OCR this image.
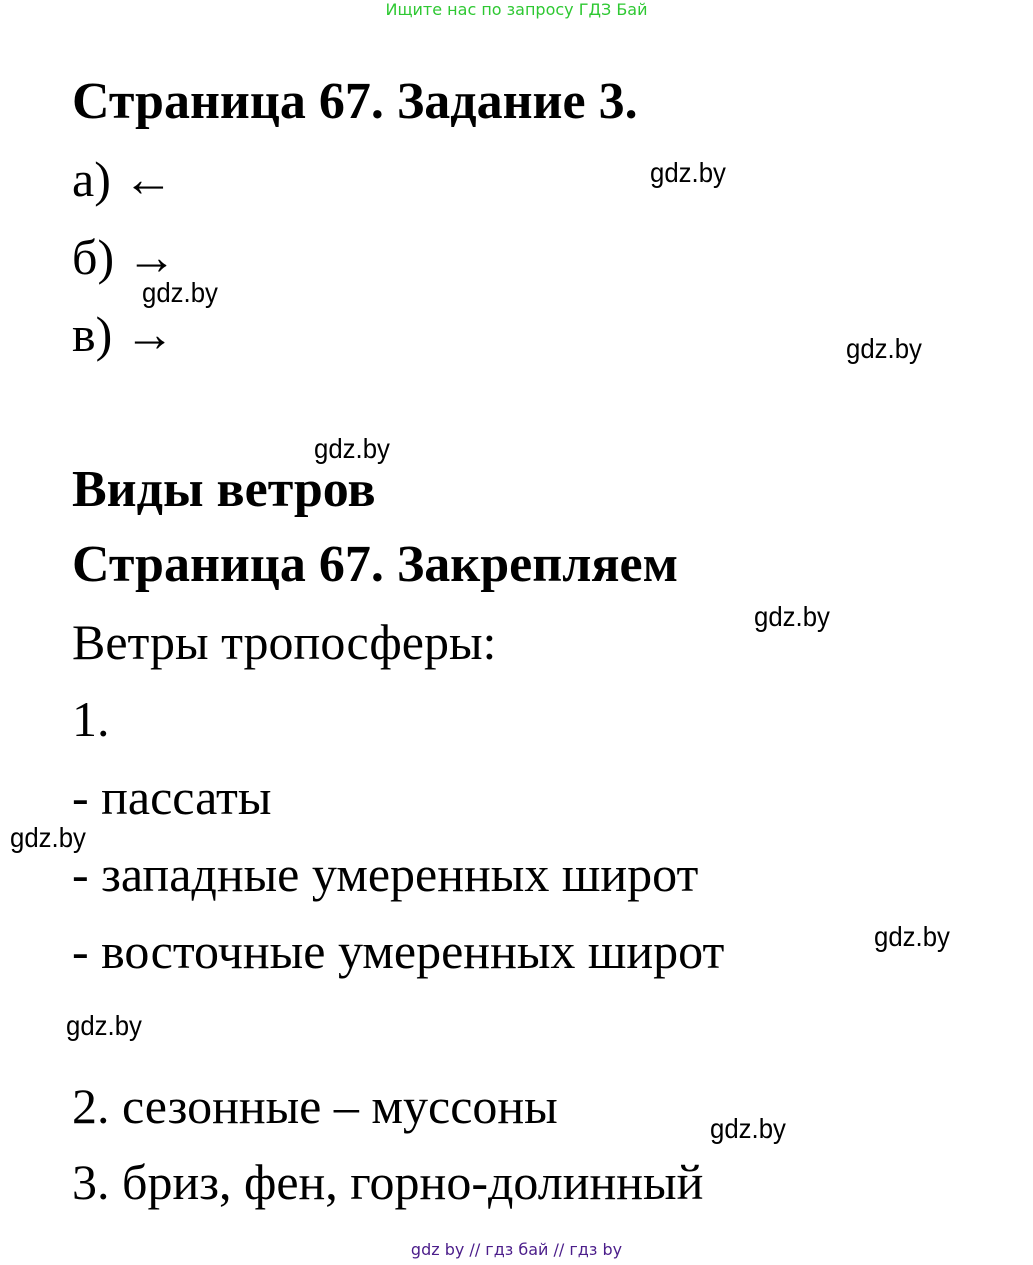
Ищите нас по запросу ГДЗ Бай
Страница 67. Задание 3.
а) ←
б) →
в) →
Виды ветров
Страница 67. Закрепляем
Ветры тропосферы:
1.
- пассаты
- западные умеренных широт
- восточные умеренных широт
2. сезонные – муссоны
3. бриз, фен, горно-долинный
gdz.by
gdz.by
gdz.by
gdz.by
gdz.by
gdz.by
gdz.by
gdz.by
gdz.by
gdz by // гдз бай // гдз by
